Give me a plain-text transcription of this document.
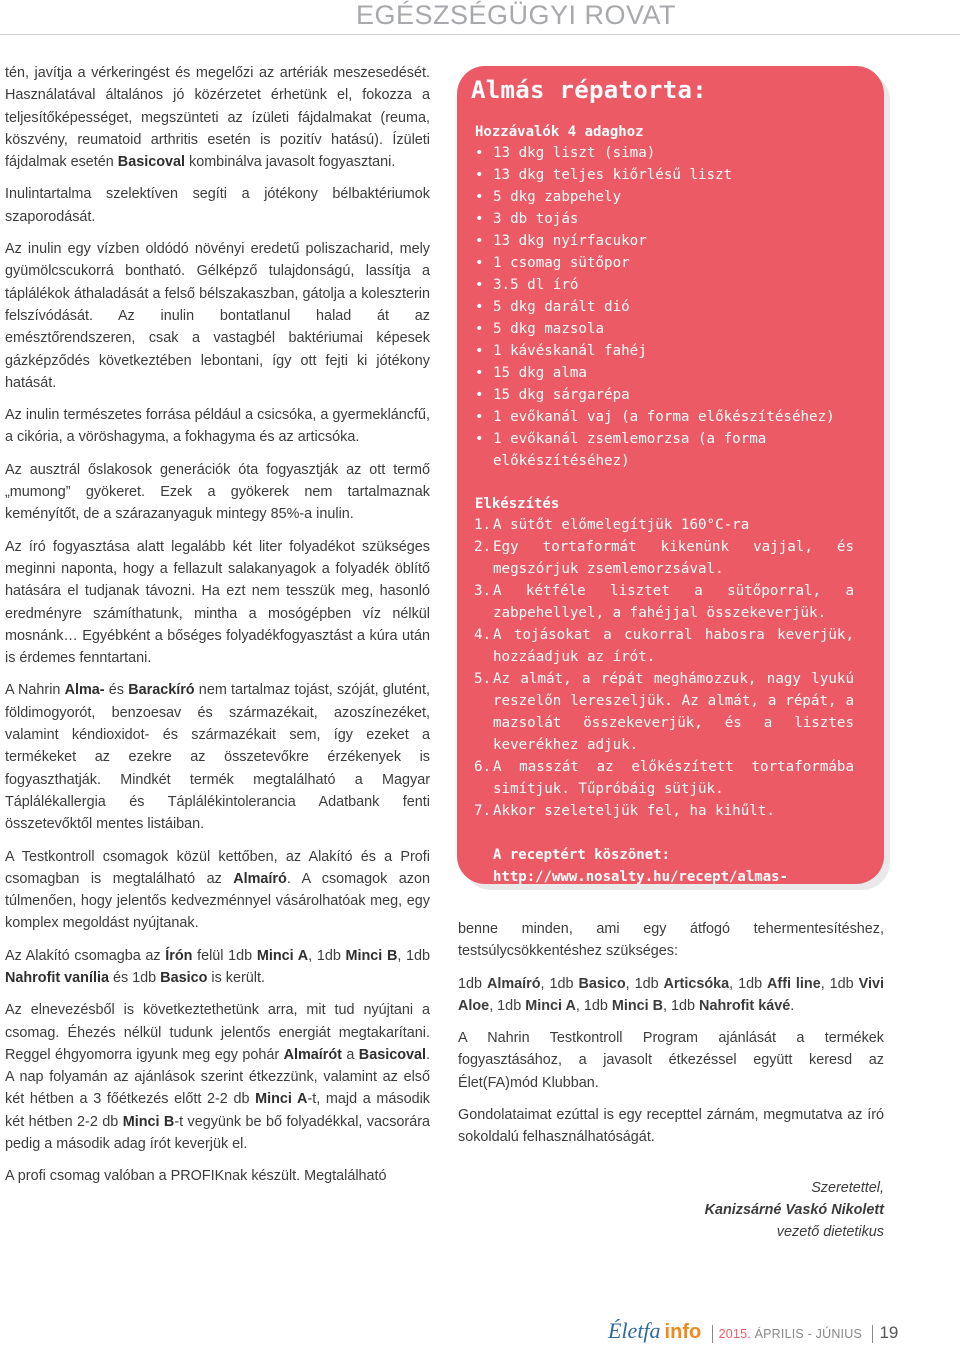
EGÉSZSÉGÜGYI ROVAT

tén, javítja a vérkeringést és megelőzi az artériák meszesedését. Használatával általános jó közérzetet érhetünk el, fokozza a teljesítőképességet, megszünteti az ízületi fájdalmakat (reuma, köszvény, reumatoid arthritis esetén is pozitív hatású). Ízületi fájdalmak esetén Basicoval kombinálva javasolt fogyasztani.

Inulintartalma szelektíven segíti a jótékony bélbaktériumok szaporodását.

Az inulin egy vízben oldódó növényi eredetű poliszacharid, mely gyümölcscukorrá bontható. Gélképző tulajdonságú, lassítja a táplálékok áthaladását a felső bélszakaszban, gátolja a koleszterin felszívódását. Az inulin bontatlanul halad át az emésztőrendszeren, csak a vastagbél baktériumai képesek gázképződés következtében lebontani, így ott fejti ki jótékony hatását.

Az inulin természetes forrása például a csicsóka, a gyermekláncfű, a cikória, a vöröshagyma, a fokhagyma és az articsóka.

Az ausztrál őslakosok generációk óta fogyasztják az ott termő „mumong” gyökeret. Ezek a gyökerek nem tartalmaznak keményítőt, de a szárazanyaguk mintegy 85%-a inulin.

Az író fogyasztása alatt legalább két liter folyadékot szükséges meginni naponta, hogy a fellazult salakanyagok a folyadék öblítő hatására el tudjanak távozni. Ha ezt nem tesszük meg, hasonló eredményre számíthatunk, mintha a mosógépben víz nélkül mosnánk… Egyébként a bőséges folyadékfogyasztást a kúra után is érdemes fenntartani.

A Nahrin Alma- és Barackíró nem tartalmaz tojást, szóját, glutént, földimogyorót, benzoesav és származékait, azoszínezéket, valamint kéndioxidot- és származékait sem, így ezeket a termékeket az ezekre az összetevőkre érzékenyek is fogyaszthatják. Mindkét termék megtalálható a Magyar Táplálékallergia és Táplálékintolerancia Adatbank fenti összetevőktől mentes listáiban.

A Testkontroll csomagok közül kettőben, az Alakító és a Profi csomagban is megtalálható az Almaíró. A csomagok azon túlmenően, hogy jelentős kedvezménnyel vásárolhatóak meg, egy komplex megoldást nyújtanak.

Az Alakító csomagba az Írón felül 1db Minci A, 1db Minci B, 1db Nahrofit vanília és 1db Basico is került.

Az elnevezésből is következtethetünk arra, mit tud nyújtani a csomag. Éhezés nélkül tudunk jelentős energiát megtakarítani. Reggel éhgyomorra igyunk meg egy pohár Almaírót a Basicoval. A nap folyamán az ajánlások szerint étkezzünk, valamint az első két hétben a 3 főétkezés előtt 2-2 db Minci A-t, majd a második két hétben 2-2 db Minci B-t vegyünk be bő folyadékkal, vacsorára pedig a második adag írót keverjük el.

A profi csomag valóban a PROFIKnak készült. Megtalálható

Almás répatorta:
Hozzávalók 4 adaghoz
• 13 dkg liszt (sima)
• 13 dkg teljes kiőrlésű liszt
• 5 dkg zabpehely
• 3 db tojás
• 13 dkg nyírfacukor
• 1 csomag sütőpor
• 3.5 dl író
• 5 dkg darált dió
• 5 dkg mazsola
• 1 kávéskanál fahéj
• 15 dkg alma
• 15 dkg sárgarépa
• 1 evőkanál vaj (a forma előkészítéséhez)
• 1 evőkanál zsemlemorzsa (a forma előkészítéséhez)
Elkészítés
1. A sütőt előmelegítjük 160°C-ra
2. Egy tortaformát kikenünk vajjal, és megszórjuk zsemlemorzsával.
3. A kétféle lisztet a sütőporral, a zabpehellyel, a fahéjjal összekeverjük.
4. A tojásokat a cukorral habosra keverjük, hozzáadjuk az írót.
5. Az almát, a répát meghámozzuk, nagy lyukú reszelőn lereszeljük. Az almát, a répát, a mazsolát összekeverjük, és a lisztes keverékhez adjuk.
6. A masszát az előkészített tortaformába simítjuk. Tűpróbáig sütjük.
7. Akkor szeleteljük fel, ha kihűlt.
A receptért köszönet: http://www.nosalty.hu/recept/almas-repatorta

benne minden, ami egy átfogó tehermentesítéshez, testsúlycsökkentéshez szükséges:

1db Almaíró, 1db Basico, 1db Articsóka, 1db Affi line, 1db Vivi Aloe, 1db Minci A, 1db Minci B, 1db Nahrofit kávé.

A Nahrin Testkontroll Program ajánlását a termékek fogyasztásához, a javasolt étkezéssel együtt keresd az Élet(FA)mód Klubban.

Gondolataimat ezúttal is egy recepttel zárnám, megmutatva az író sokoldalú felhasználhatóságát.

Szeretettel,
Kanizsárné Vaskó Nikolett
vezető dietetikus
Életfa info 2015. ÁPRILIS - JÚNIUS 19
